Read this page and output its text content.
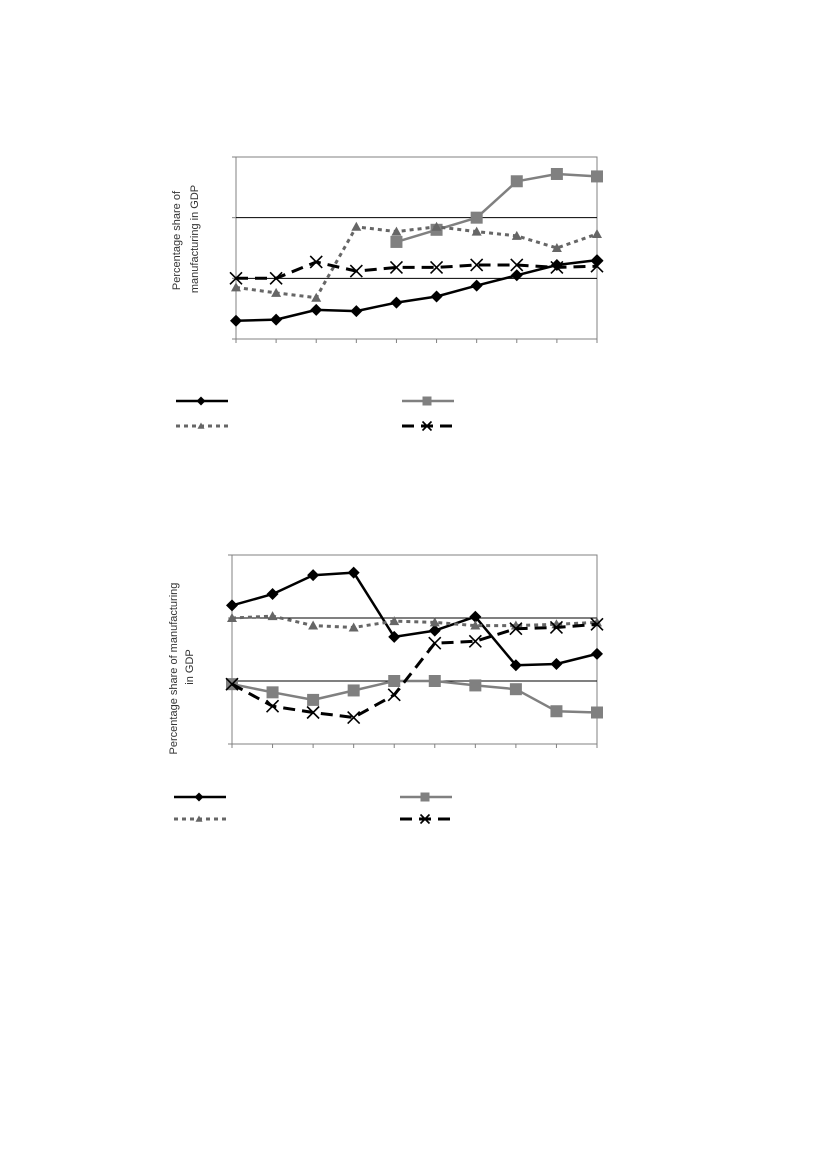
Percentage share of manufacturing in GDP
Percentage share of manufacturing in GDP
